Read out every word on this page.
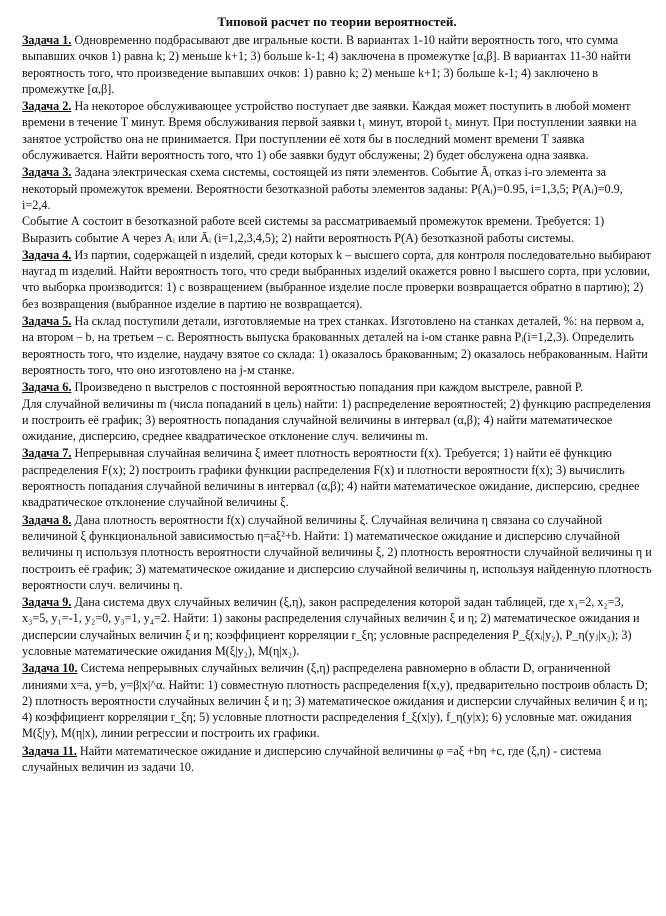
Типовой расчет по теории вероятностей.
Задача 1. Одновременно подбрасывают две игральные кости. В вариантах 1-10 найти вероятность того, что сумма выпавших очков 1) равна k; 2) меньше k+1; 3) больше k-1; 4) заключена в промежутке [α,β]. В вариантах 11-30 найти вероятность того, что произведение выпавших очков: 1) равно k; 2) меньше k+1; 3) больше k-1; 4) заключено в промежутке [α,β].
Задача 2. На некоторое обслуживающее устройство поступает две заявки. Каждая может поступить в любой момент времени в течение T минут. Время обслуживания первой заявки t₁ минут, второй t₂ минут. При поступлении заявки на занятое устройство она не принимается. При поступлении её хотя бы в последний момент времени T заявка обслуживается. Найти вероятность того, что 1) обе заявки будут обслужены; 2) будет обслужена одна заявка.
Задача 3. Задана электрическая схема системы, состоящей из пяти элементов. Событие Āᵢ отказ i-го элемента за некоторый промежуток времени. Вероятности безотказной работы элементов заданы: P(Aᵢ)=0.95, i=1,3,5; P(Aᵢ)=0.9, i=2,4.
Событие А состоит в безотказной работе всей системы за рассматриваемый промежуток времени. Требуется: 1) Выразить событие А через Aᵢ или Āᵢ (i=1,2,3,4,5); 2) найти вероятность P(A) безотказной работы системы.
Задача 4. Из партии, содержащей n изделий, среди которых k – высшего сорта, для контроля последовательно выбирают наугад m изделий. Найти вероятность того, что среди выбранных изделий окажется ровно l высшего сорта, при условии, что выборка производится: 1) с возвращением (выбранное изделие после проверки возвращается обратно в партию); 2) без возвращения (выбранное изделие в партию не возвращается).
Задача 5. На склад поступили детали, изготовляемые на трех станках. Изготовлено на станках деталей, %: на первом a, на втором – b, на третьем – c. Вероятность выпуска бракованных деталей на i-ом станке равна Pᵢ(i=1,2,3). Определить вероятность того, что изделие, наудачу взятое со склада: 1) оказалось бракованным; 2) оказалось небракованным. Найти вероятность того, что оно изготовлено на j-м станке.
Задача 6. Произведено n выстрелов с постоянной вероятностью попадания при каждом выстреле, равной P.
Для случайной величины m (числа попаданий в цель) найти: 1) распределение вероятностей; 2) функцию распределения и построить её график; 3) вероятность попадания случайной величины в интервал (α,β); 4) найти математическое ожидание, дисперсию, среднее квадратическое отклонение случ. величины m.
Задача 7. Непрерывная случайная величина ξ имеет плотность вероятности f(x). Требуется; 1) найти её функцию распределения F(x); 2) построить графики функции распределения F(x) и плотности вероятности f(x); 3) вычислить вероятность попадания случайной величины в интервал (α,β); 4) найти математическое ожидание, дисперсию, среднее квадратическое отклонение случайной величины ξ.
Задача 8. Дана плотность вероятности f(x) случайной величины ξ. Случайная величина η связана со случайной величиной ξ функциональной зависимостью η=aξ²+b. Найти: 1) математическое ожидание и дисперсию случайной величины η используя плотность вероятности случайной величины ξ, 2) плотность вероятности случайной величины η и построить её график; 3) математическое ожидание и дисперсию случайной величины η, используя найденную плотность вероятности случ. величины η.
Задача 9. Дана система двух случайных величин (ξ,η), закон распределения которой задан таблицей, где x₁=2, x₂=3, x₃=5, y₁=-1, y₂=0, y₃=1, y₄=2. Найти: 1) законы распределения случайных величин ξ и η; 2) математическое ожидания и дисперсии случайных величин ξ и η; коэффициент корреляции r_ξη; условные распределения P_ξ(xᵢ|y₂), P_η(yⱼ|x₂); 3) условные математические ожидания M(ξ|y₂), M(η|x₂).
Задача 10. Система непрерывных случайных величин (ξ,η) распределена равномерно в области D, ограниченной линиями x=a, y=b, y=β|x|^α. Найти: 1) совместную плотность распределения f(x,y), предварительно построив область D; 2) плотность вероятности случайных величин ξ и η; 3) математическое ожидания и дисперсии случайных величин ξ и η; 4) коэффициент корреляции r_ξη; 5) условные плотности распределения f_ξ(x|y), f_η(y|x); 6) условные мат. ожидания M(ξ|y), M(η|x), линии регрессии и построить их графики.
Задача 11. Найти математическое ожидание и дисперсию случайной величины φ =aξ +bη +c, где (ξ,η) - система случайных величин из задачи 10.
